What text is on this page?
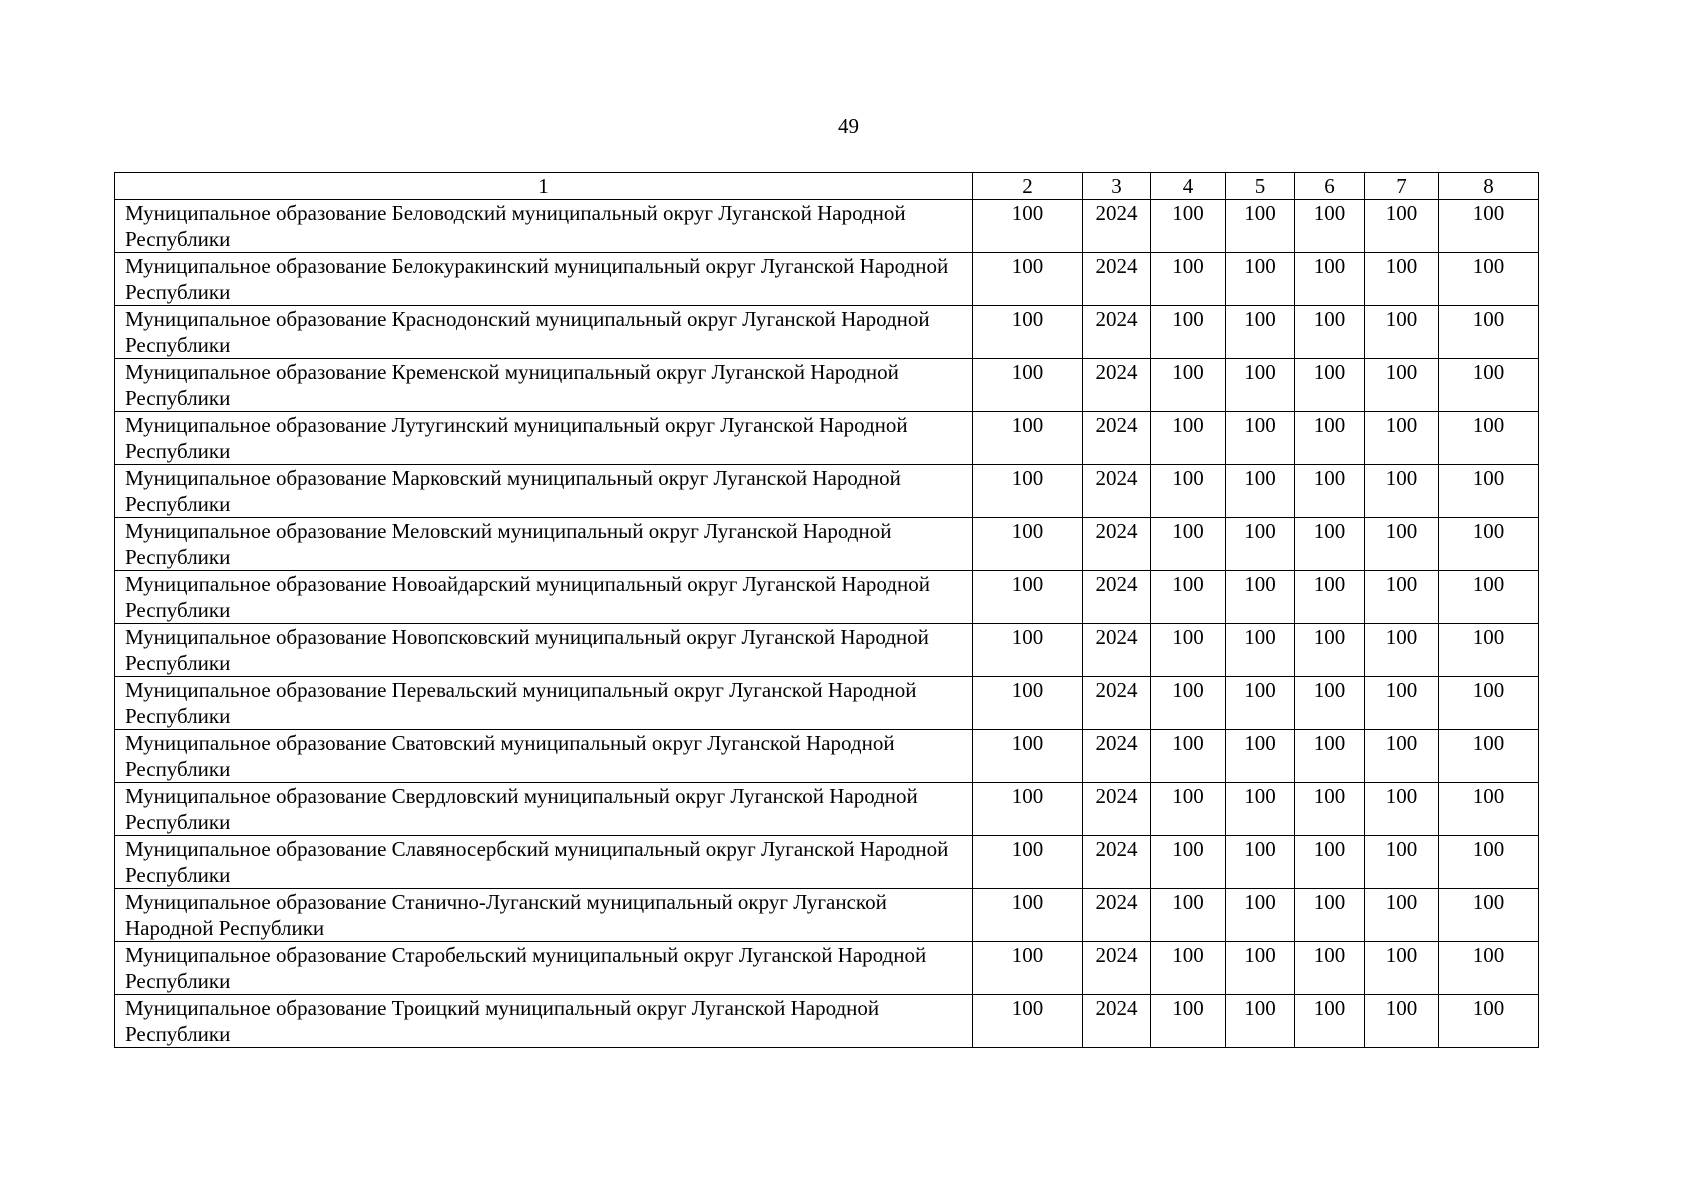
49
1	2	3	4	5	6	7	8
Муниципальное образование Беловодский муниципальный округ Луганской Народной Республики	100	2024	100	100	100	100	100
Муниципальное образование Белокуракинский муниципальный округ Луганской Народной Республики	100	2024	100	100	100	100	100
Муниципальное образование Краснодонский муниципальный округ Луганской Народной Республики	100	2024	100	100	100	100	100
Муниципальное образование Кременской муниципальный округ Луганской Народной Республики	100	2024	100	100	100	100	100
Муниципальное образование Лутугинский муниципальный округ Луганской Народной Республики	100	2024	100	100	100	100	100
Муниципальное образование Марковский муниципальный округ Луганской Народной Республики	100	2024	100	100	100	100	100
Муниципальное образование Меловский муниципальный округ Луганской Народной Республики	100	2024	100	100	100	100	100
Муниципальное образование Новоайдарский муниципальный округ Луганской Народной Республики	100	2024	100	100	100	100	100
Муниципальное образование Новопсковский муниципальный округ Луганской Народной Республики	100	2024	100	100	100	100	100
Муниципальное образование Перевальский муниципальный округ Луганской Народной Республики	100	2024	100	100	100	100	100
Муниципальное образование Сватовский муниципальный округ Луганской Народной Республики	100	2024	100	100	100	100	100
Муниципальное образование Свердловский муниципальный округ Луганской Народной Республики	100	2024	100	100	100	100	100
Муниципальное образование Славяносербский муниципальный округ Луганской Народной Республики	100	2024	100	100	100	100	100
Муниципальное образование Станично-Луганский муниципальный округ Луганской Народной Республики	100	2024	100	100	100	100	100
Муниципальное образование Старобельский муниципальный округ Луганской Народной Республики	100	2024	100	100	100	100	100
Муниципальное образование Троицкий муниципальный округ Луганской Народной Республики	100	2024	100	100	100	100	100
